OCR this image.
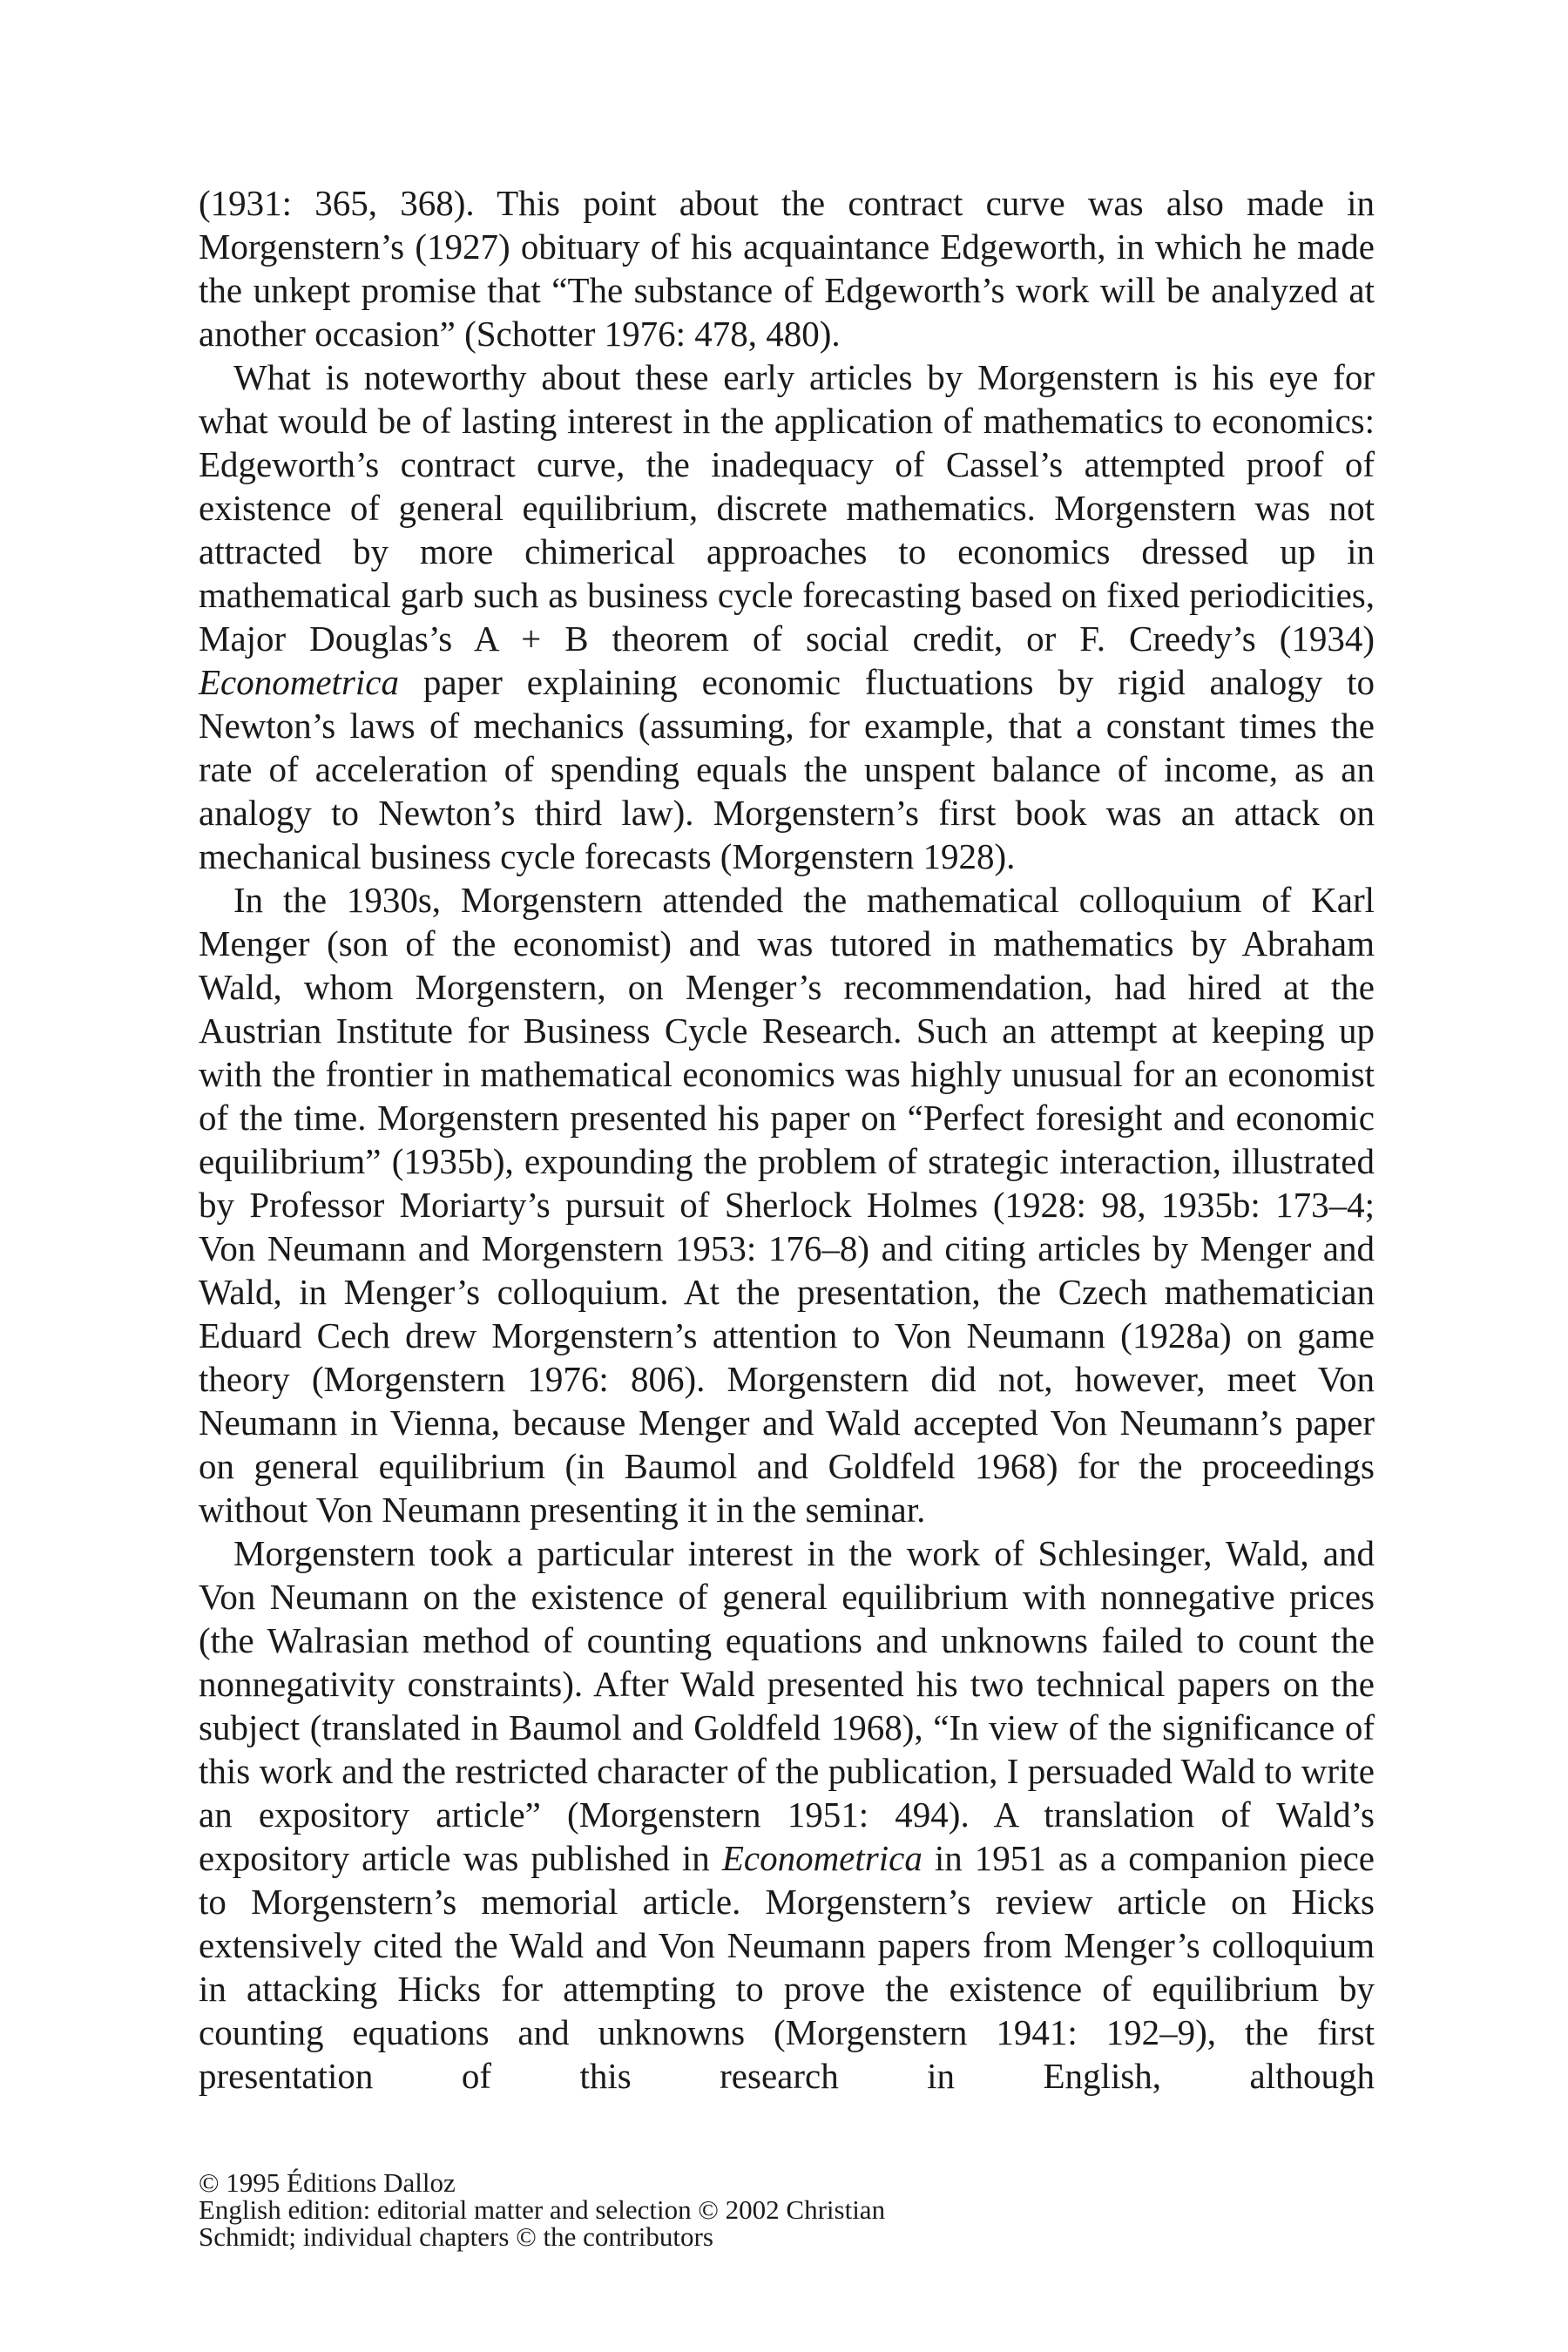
(1931: 365, 368). This point about the contract curve was also made in Morgenstern’s (1927) obituary of his acquaintance Edgeworth, in which he made the unkept promise that “The substance of Edgeworth’s work will be analyzed at another occasion” (Schotter 1976: 478, 480).

What is noteworthy about these early articles by Morgenstern is his eye for what would be of lasting interest in the application of mathematics to economics: Edgeworth’s contract curve, the inadequacy of Cassel’s attempted proof of existence of general equilibrium, discrete mathematics. Morgenstern was not attracted by more chimerical approaches to economics dressed up in mathematical garb such as business cycle forecasting based on fixed periodicities, Major Douglas’s A + B theorem of social credit, or F. Creedy’s (1934) Econometrica paper explaining economic fluctuations by rigid analogy to Newton’s laws of mechanics (assuming, for example, that a constant times the rate of acceleration of spending equals the unspent balance of income, as an analogy to Newton’s third law). Morgenstern’s first book was an attack on mechanical business cycle forecasts (Morgenstern 1928).

In the 1930s, Morgenstern attended the mathematical colloquium of Karl Menger (son of the economist) and was tutored in mathematics by Abraham Wald, whom Morgenstern, on Menger’s recommendation, had hired at the Austrian Institute for Business Cycle Research. Such an attempt at keeping up with the frontier in mathematical economics was highly unusual for an economist of the time. Morgenstern presented his paper on “Perfect foresight and economic equilibrium” (1935b), expounding the problem of strategic interaction, illustrated by Professor Moriarty’s pursuit of Sherlock Holmes (1928: 98, 1935b: 173–4; Von Neumann and Morgenstern 1953: 176–8) and citing articles by Menger and Wald, in Menger’s colloquium. At the presentation, the Czech mathematician Eduard Cech drew Morgenstern’s attention to Von Neumann (1928a) on game theory (Morgenstern 1976: 806). Morgenstern did not, however, meet Von Neumann in Vienna, because Menger and Wald accepted Von Neumann’s paper on general equilibrium (in Baumol and Goldfeld 1968) for the proceedings without Von Neumann presenting it in the seminar.

Morgenstern took a particular interest in the work of Schlesinger, Wald, and Von Neumann on the existence of general equilibrium with nonnegative prices (the Walrasian method of counting equations and unknowns failed to count the nonnegativity constraints). After Wald presented his two technical papers on the subject (translated in Baumol and Goldfeld 1968), “In view of the significance of this work and the restricted character of the publication, I persuaded Wald to write an expository article” (Morgenstern 1951: 494). A translation of Wald’s expository article was published in Econometrica in 1951 as a companion piece to Morgenstern’s memorial article. Morgenstern’s review article on Hicks extensively cited the Wald and Von Neumann papers from Menger’s colloquium in attacking Hicks for attempting to prove the existence of equilibrium by counting equations and unknowns (Morgenstern 1941: 192–9), the first presentation of this research in English, although

© 1995 Éditions Dalloz
English edition: editorial matter and selection © 2002 Christian
Schmidt; individual chapters © the contributors
